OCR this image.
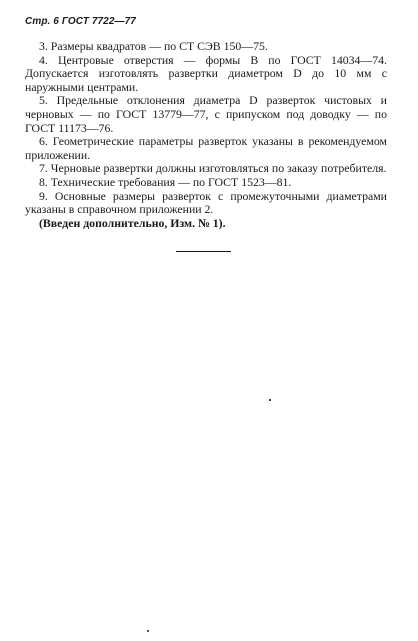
Стр. 6 ГОСТ 7722—77

3. Размеры квадратов — по СТ СЭВ 150—75.

4. Центровые отверстия — формы B по ГОСТ 14034—74. Допускается изготовлять развертки диаметром D до 10 мм с наружными центрами.

5. Предельные отклонения диаметра D разверток чистовых и черновых — по ГОСТ 13779—77, с припуском под доводку — по ГОСТ 11173—76.

6. Геометрические параметры разверток указаны в рекомендуемом приложении.

7. Черновые развертки должны изготовляться по заказу потребителя.

8. Технические требования — по ГОСТ 1523—81.

9. Основные размеры разверток с промежуточными диаметрами указаны в справочном приложении 2.

(Введен дополнительно, Изм. № 1).
